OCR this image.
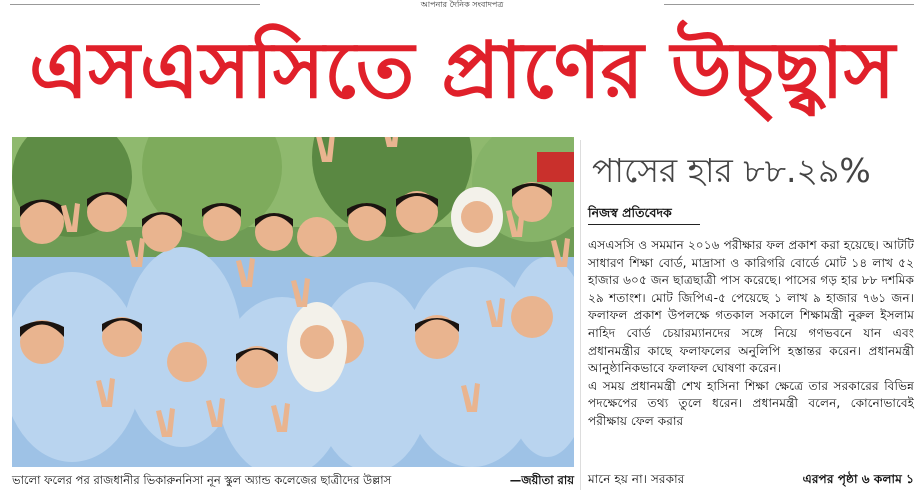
আপনার দৈনিক সংবাদপত্র
এসএসসিতে প্রাণের উচ্ছ্বাস
ভালো ফলের পর রাজধানীর ভিকারুননিসা নূন স্কুল অ্যান্ড কলেজের ছাত্রীদের উল্লাস	—জয়ীতা রায়
পাসের হার ৮৮.২৯%
নিজস্ব প্রতিবেদক

এসএসসি ও সমমান ২০১৬ পরীক্ষার ফল প্রকাশ করা হয়েছে। আটটি সাধারণ শিক্ষা বোর্ড, মাদ্রাসা ও কারিগরি বোর্ডে মোট ১৪ লাখ ৫২ হাজার ৬০৫ জন ছাত্রছাত্রী পাস করেছে। পাসের গড় হার ৮৮ দশমিক ২৯ শতাংশ। মোট জিপিএ-৫ পেয়েছে ১ লাখ ৯ হাজার ৭৬১ জন। ফলাফল প্রকাশ উপলক্ষে গতকাল সকালে শিক্ষামন্ত্রী নুরুল ইসলাম নাহিদ বোর্ড চেয়ারম্যানদের সঙ্গে নিয়ে গণভবনে যান এবং প্রধানমন্ত্রীর কাছে ফলাফলের অনুলিপি হস্তান্তর করেন। প্রধানমন্ত্রী আনুষ্ঠানিকভাবে ফলাফল ঘোষণা করেন।

এ সময় প্রধানমন্ত্রী শেখ হাসিনা শিক্ষা ক্ষেত্রে তার সরকারের বিভিন্ন পদক্ষেপের তথ্য তুলে ধরেন। প্রধানমন্ত্রী বলেন, কোনোভাবেই পরীক্ষায় ফেল করার

মানে হয় না। সরকার	এরপর পৃষ্ঠা ৬ কলাম ১
